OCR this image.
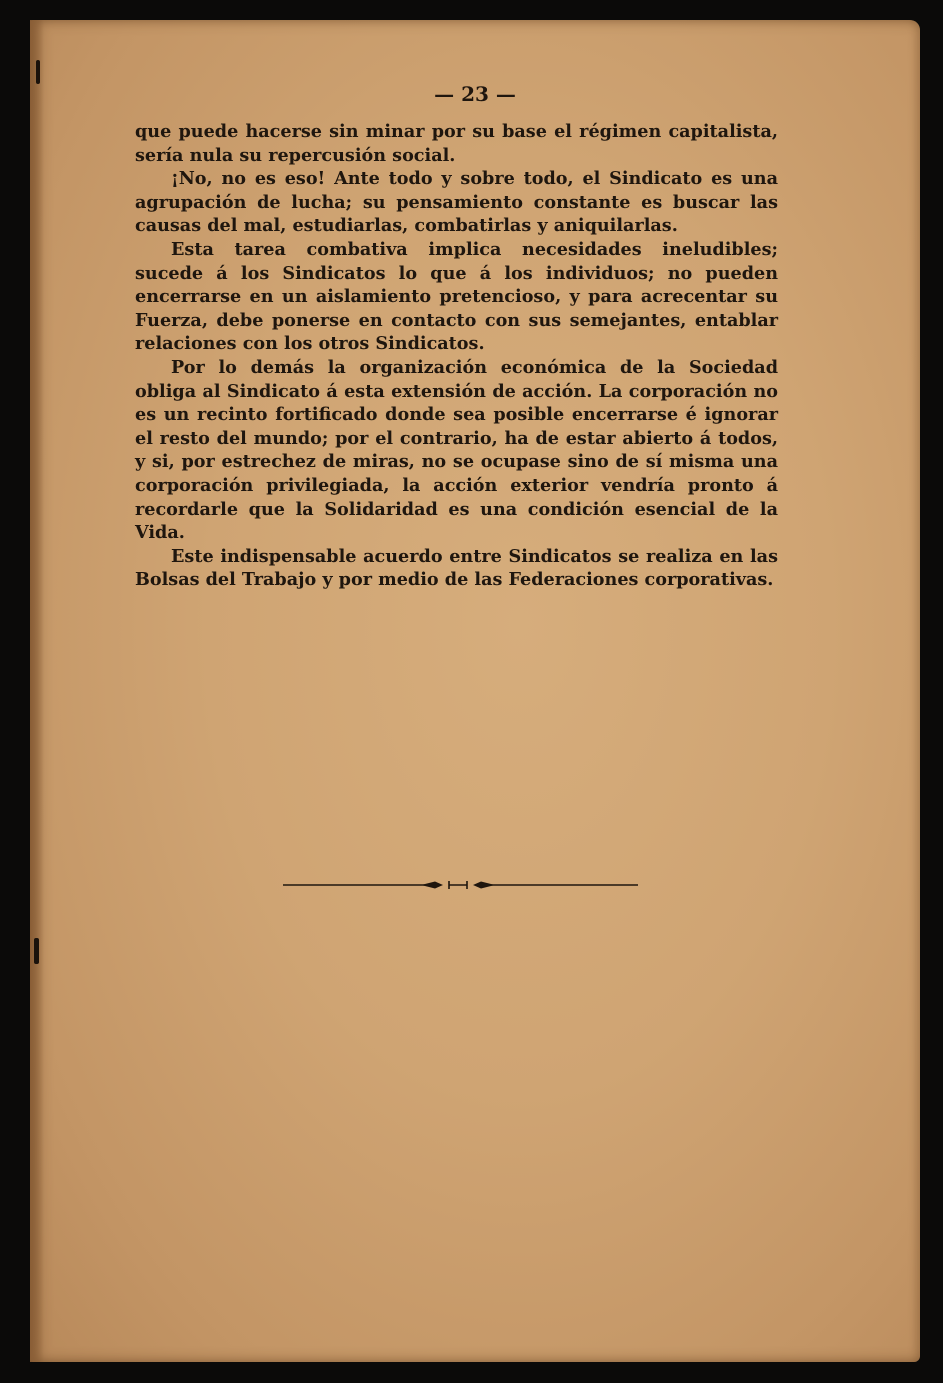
— 23 —

que puede hacerse sin minar por su base el régimen capitalista, sería nula su repercusión social.

¡No, no es eso! Ante todo y sobre todo, el Sindicato es una agrupación de lucha; su pensamiento constante es buscar las causas del mal, estudiarlas, combatirlas y aniquilarlas.

Esta tarea combativa implica necesidades ineludibles; sucede á los Sindicatos lo que á los individuos; no pueden encerrarse en un aislamiento pretencioso, y para acrecentar su Fuerza, debe ponerse en contacto con sus semejantes, entablar relaciones con los otros Sindicatos.

Por lo demás la organización económica de la Sociedad obliga al Sindicato á esta extensión de acción. La corporación no es un recinto fortificado donde sea posible encerrarse é ignorar el resto del mundo; por el contrario, ha de estar abierto á todos, y si, por estrechez de miras, no se ocupase sino de sí misma una corporación privilegiada, la acción exterior vendría pronto á recordarle que la Solidaridad es una condición esencial de la Vida.

Este indispensable acuerdo entre Sindicatos se realiza en las Bolsas del Trabajo y por medio de las Federaciones corporativas.
